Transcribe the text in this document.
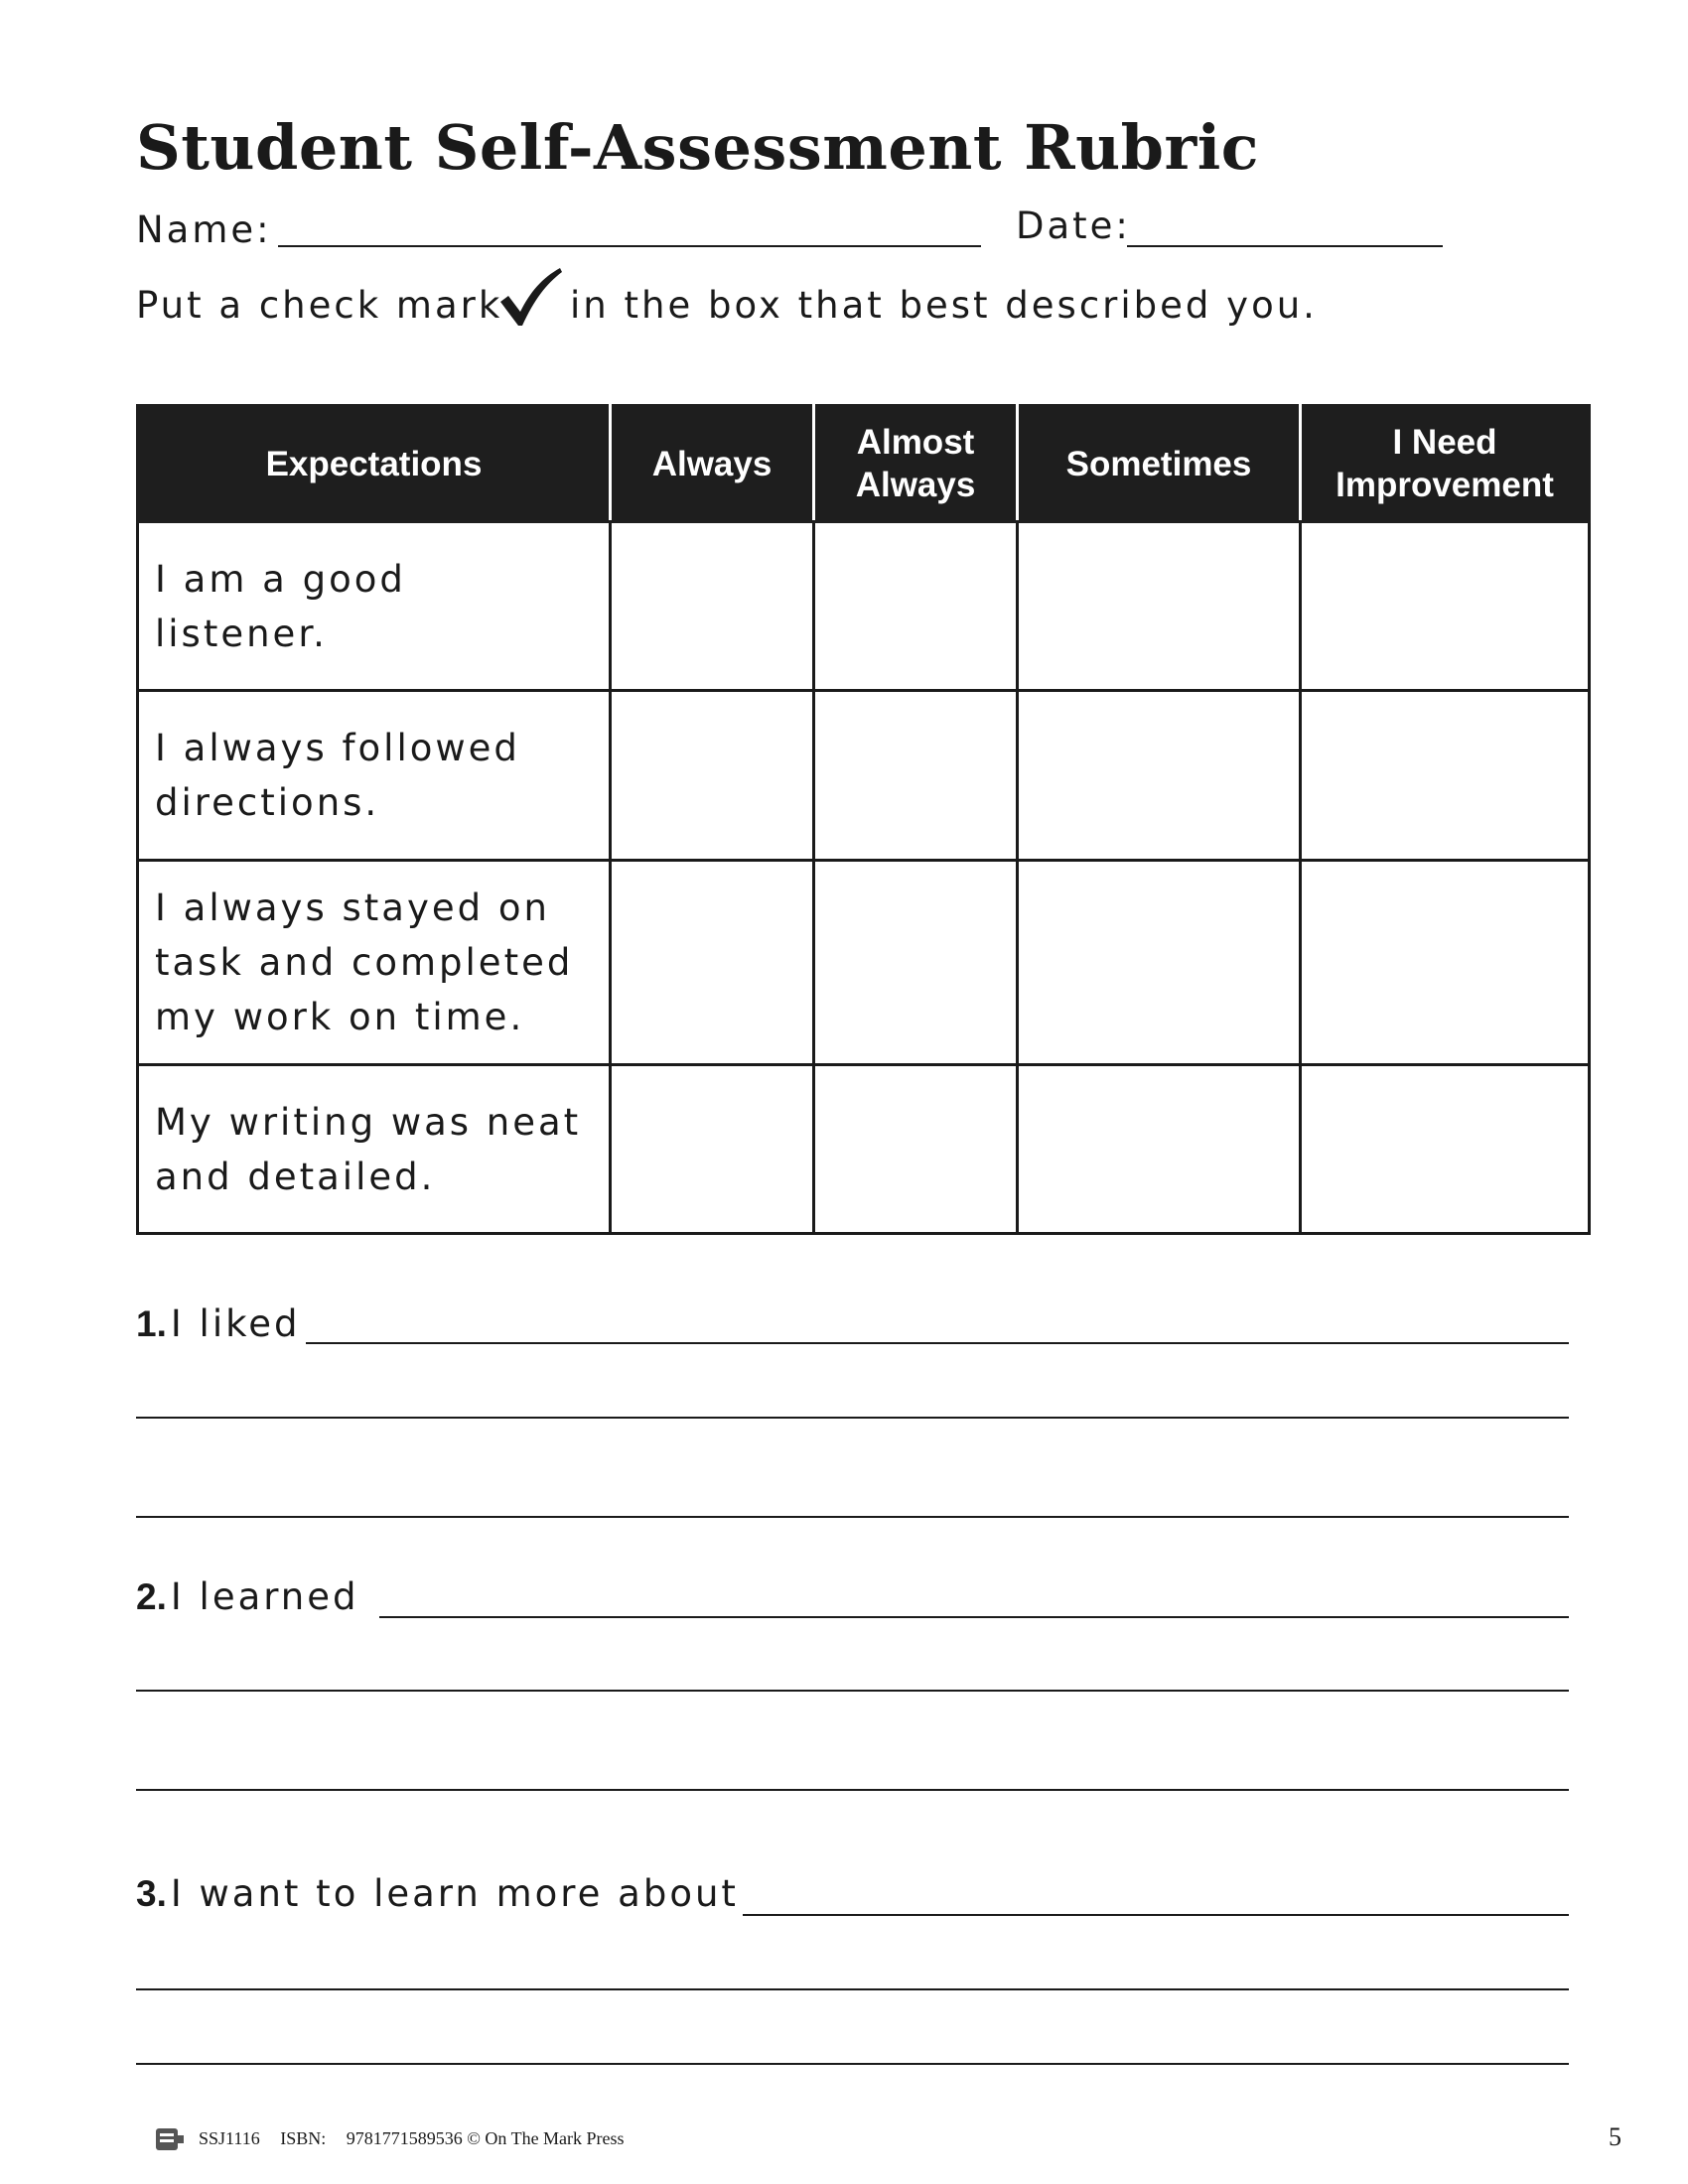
Student Self-Assessment Rubric
Name:	Date:
Put a check mark in the box that best described you.
Expectations	Always	Almost Always	Sometimes	I Need Improvement
I am a good listener.				
I always followed directions.				
I always stayed on task and completed my work on time.				
My writing was neat and detailed.				
1. I liked
2. I learned
3. I want to learn more about
SSJ1116 ISBN: 9781771589536 © On The Mark Press	5
